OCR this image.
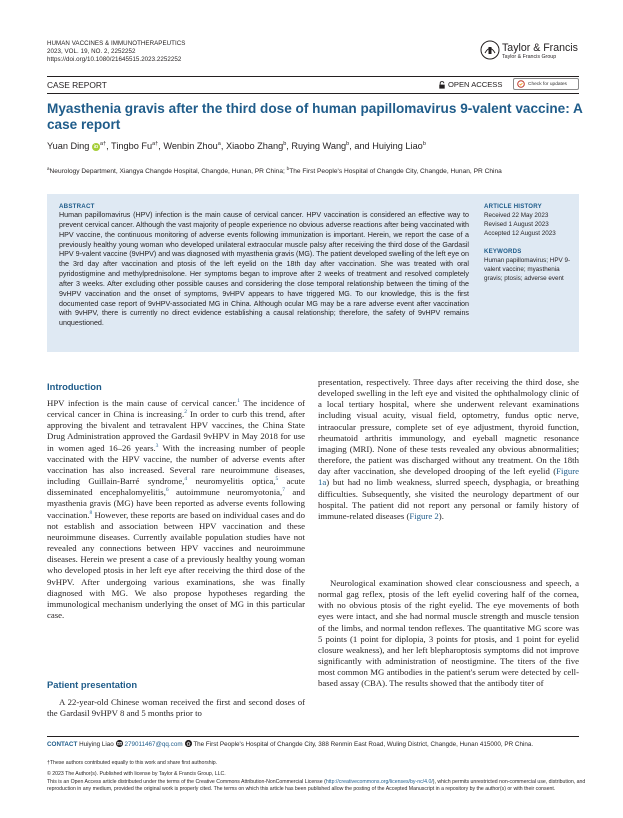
HUMAN VACCINES & IMMUNOTHERAPEUTICS
2023, VOL. 19, NO. 2, 2252252
https://doi.org/10.1080/21645515.2023.2252252
Taylor & Francis
Taylor & Francis Group
CASE REPORT	OPEN ACCESS	Check for updates
Myasthenia gravis after the third dose of human papillomavirus 9-valent vaccine: A case report
Yuan Ding iD $^{a\dagger}$, Tingbo $Fu^{a\dagger}$, Wenbin Zhou$^a$, Xiaobo Zhang$^b$, Ruying Wang$^b$, and Huiying Liao$^b$
$^a$Neurology Department, Xiangya Changde Hospital, Changde, Hunan, PR China; $^b$The First People's Hospital of Changde City, Changde, Hunan, PR China
ABSTRACT
Human papillomavirus (HPV) infection is the main cause of cervical cancer. HPV vaccination is considered an effective way to prevent cervical cancer. Although the vast majority of people experience no obvious adverse reactions after being vaccinated with HPV vaccine, the continuous monitoring of adverse events following immunization is important. Herein, we report the case of a previously healthy young woman who developed unilateral extraocular muscle palsy after receiving the third dose of the Gardasil HPV 9-valent vaccine (9vHPV) and was diagnosed with myasthenia gravis (MG). The patient developed swelling of the left eye on the 3rd day after vaccination and ptosis of the left eyelid on the 18th day after vaccination. She was treated with oral pyridostigmine and methylprednisolone. Her symptoms began to improve after 2 weeks of treatment and resolved completely after 3 weeks. After excluding other possible causes and considering the close temporal relationship between the timing of the 9vHPV vaccination and the onset of symptoms, 9vHPV appears to have triggered MG. To our knowledge, this is the first documented case report of 9vHPV-associated MG in China. Although ocular MG may be a rare adverse event after vaccination with 9vHPV, there is currently no direct evidence establishing a causal relationship; therefore, the safety of 9vHPV remains unquestioned.
ARTICLE HISTORY
Received 22 May 2023
Revised 1 August 2023
Accepted 12 August 2023
KEYWORDS
Human papillomavirus; HPV 9-valent vaccine; myasthenia gravis; ptosis; adverse event
Introduction
HPV infection is the main cause of cervical cancer.$^1$ The incidence of cervical cancer in China is increasing.$^2$ In order to curb this trend, after approving the bivalent and tetravalent HPV vaccines, the China State Drug Administration approved the Gardasil 9vHPV in May 2018 for use in women aged 16–26 years.$^3$ With the increasing number of people vaccinated with the HPV vaccine, the number of adverse events after vaccination has also increased. Several rare neuroimmune diseases, including Guillain-Barré syndrome,$^4$ neuromyelitis optica,$^5$ acute disseminated encephalomyelitis,$^6$ autoimmune neuromyotonia,$^7$ and myasthenia gravis (MG) have been reported as adverse events following vaccination.$^8$ However, these reports are based on individual cases and do not establish and association between HPV vaccination and these neuroimmune diseases. Currently available population studies have not revealed any connections between HPV vaccines and neuroimmune diseases. Herein we present a case of a previously healthy young woman who developed ptosis in her left eye after receiving the third dose of the 9vHPV. After undergoing various examinations, she was finally diagnosed with MG. We also propose hypotheses regarding the immunological mechanism underlying the onset of MG in this particular case.
Patient presentation
A 22-year-old Chinese woman received the first and second doses of the Gardasil 9vHPV 8 and 5 months prior to
presentation, respectively. Three days after receiving the third dose, she developed swelling in the left eye and visited the ophthalmology clinic of a local tertiary hospital, where she underwent relevant examinations including visual acuity, visual field, optometry, fundus optic nerve, intraocular pressure, complete set of eye adjustment, thyroid function, rheumatoid arthritis immunology, and eyeball magnetic resonance imaging (MRI). None of these tests revealed any obvious abnormalities; therefore, the patient was discharged without any treatment. On the 18th day after vaccination, she developed drooping of the left eyelid (Figure 1a) but had no limb weakness, slurred speech, dysphagia, or breathing difficulties. Subsequently, she visited the neurology department of our hospital. The patient did not report any personal or family history of immune-related diseases (Figure 2).
Neurological examination showed clear consciousness and speech, a normal gag reflex, ptosis of the left eyelid covering half of the cornea, with no obvious ptosis of the right eyelid. The eye movements of both eyes were intact, and she had normal muscle strength and muscle tension of the limbs, and normal tendon reflexes. The quantitative MG score was 5 points (1 point for diplopia, 3 points for ptosis, and 1 point for eyelid closure weakness), and her left blepharoptosis symptoms did not improve significantly with administration of neostigmine. The titers of the five most common MG antibodies in the patient's serum were detected by cell-based assay (CBA). The results showed that the antibody titer of
CONTACT Huiying Liao 279011467@qq.com The First People's Hospital of Changde City, 388 Renmin East Road, Wuling District, Changde, Hunan 415000, PR China.
†These authors contributed equally to this work and share first authorship.
© 2023 The Author(s). Published with license by Taylor & Francis Group, LLC.
This is an Open Access article distributed under the terms of the Creative Commons Attribution-NonCommercial License (http://creativecommons.org/licenses/by-nc/4.0/), which permits unrestricted non-commercial use, distribution, and reproduction in any medium, provided the original work is properly cited. The terms on which this article has been published allow the posting of the Accepted Manuscript in a repository by the author(s) or with their consent.
